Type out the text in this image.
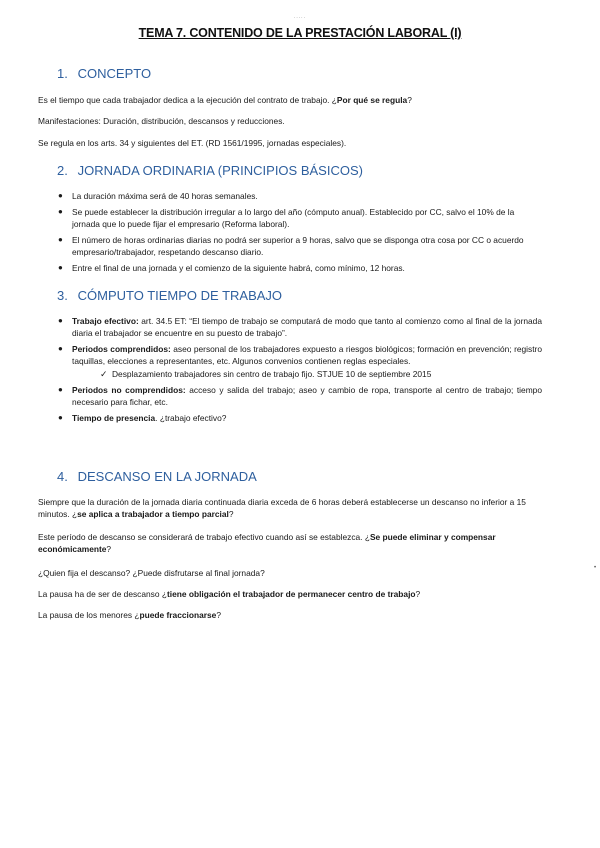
.....
TEMA 7. CONTENIDO DE LA PRESTACIÓN LABORAL (I)
1. CONCEPTO
Es el tiempo que cada trabajador dedica a la ejecución del contrato de trabajo. ¿Por qué se regula?
Manifestaciones: Duración, distribución, descansos y reducciones.
Se regula en los arts. 34 y siguientes del ET. (RD 1561/1995, jornadas especiales).
2. JORNADA ORDINARIA (PRINCIPIOS BÁSICOS)
● La duración máxima será de 40 horas semanales.
● Se puede establecer la distribución irregular a lo largo del año (cómputo anual). Establecido por CC, salvo el 10% de la jornada que lo puede fijar el empresario (Reforma laboral).
● El número de horas ordinarias diarias no podrá ser superior a 9 horas, salvo que se disponga otra cosa por CC o acuerdo empresario/trabajador, respetando descanso diario.
● Entre el final de una jornada y el comienzo de la siguiente habrá, como mínimo, 12 horas.
3. CÓMPUTO TIEMPO DE TRABAJO
● Trabajo efectivo: art. 34.5 ET: “El tiempo de trabajo se computará de modo que tanto al comienzo como al final de la jornada diaria el trabajador se encuentre en su puesto de trabajo”.
● Periodos comprendidos: aseo personal de los trabajadores expuesto a riesgos biológicos; formación en prevención; registro taquillas, elecciones a representantes, etc. Algunos convenios contienen reglas especiales.
✓ Desplazamiento trabajadores sin centro de trabajo fijo. STJUE 10 de septiembre 2015
● Periodos no comprendidos: acceso y salida del trabajo; aseo y cambio de ropa, transporte al centro de trabajo; tiempo necesario para fichar, etc.
● Tiempo de presencia. ¿trabajo efectivo?
4. DESCANSO EN LA JORNADA
Siempre que la duración de la jornada diaria continuada diaria exceda de 6 horas deberá establecerse un descanso no inferior a 15 minutos. ¿se aplica a trabajador a tiempo parcial?
Este período de descanso se considerará de trabajo efectivo cuando así se establezca. ¿Se puede eliminar y compensar económicamente?
¿Quien fija el descanso? ¿Puede disfrutarse al final jornada?
La pausa ha de ser de descanso ¿tiene obligación el trabajador de permanecer centro de trabajo?
La pausa de los menores ¿puede fraccionarse?
•
